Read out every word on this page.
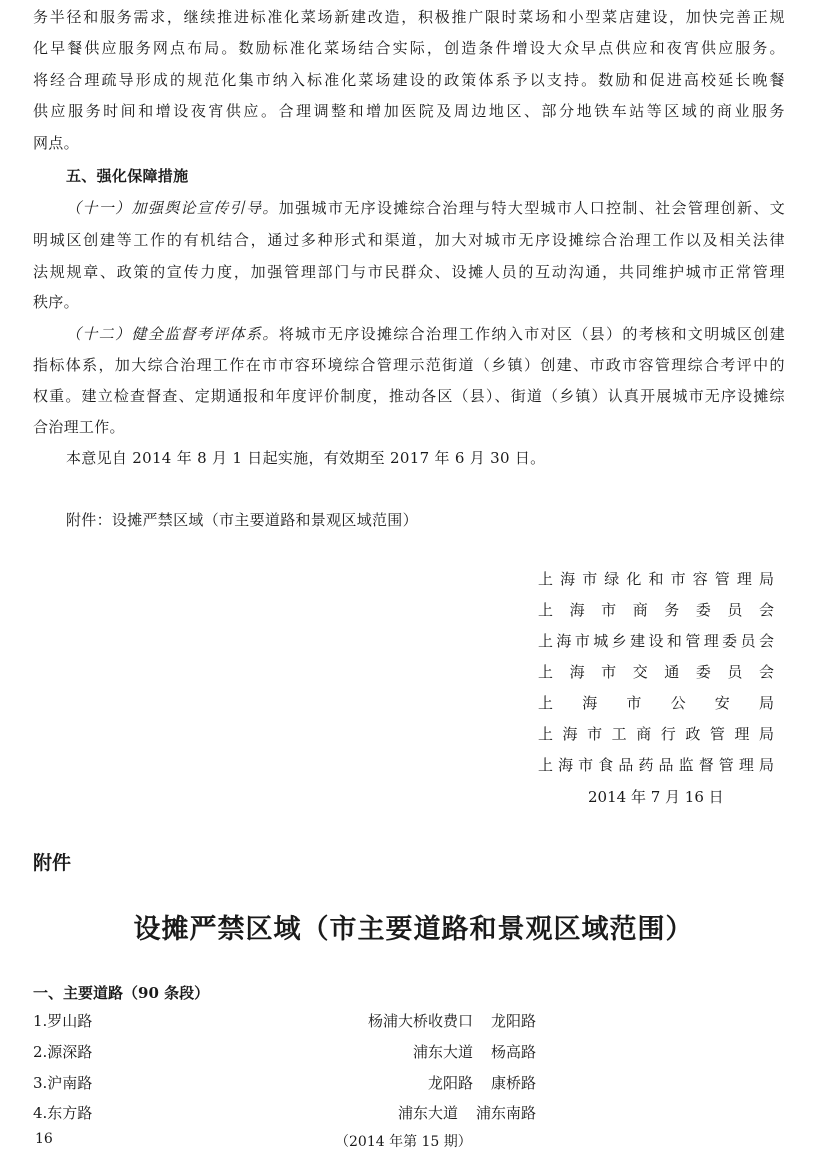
务半径和服务需求，继续推进标准化菜场新建改造，积极推广限时菜场和小型菜店建设，加快完善正规
化早餐供应服务网点布局。数励标准化菜场结合实际，创造条件增设大众早点供应和夜宵供应服务。
将经合理疏导形成的规范化集市纳入标准化菜场建设的政策体系予以支持。数励和促进高校延长晚餐
供应服务时间和增设夜宵供应。合理调整和增加医院及周边地区、部分地铁车站等区域的商业服务
网点。
五、强化保障措施
（十一）加强舆论宣传引导。加强城市无序设摊综合治理与特大型城市人口控制、社会管理创新、文
明城区创建等工作的有机结合，通过多种形式和渠道，加大对城市无序设摊综合治理工作以及相关法律
法规规章、政策的宣传力度，加强管理部门与市民群众、设摊人员的互动沟通，共同维护城市正常管理
秩序。
（十二）健全监督考评体系。将城市无序设摊综合治理工作纳入市对区（县）的考核和文明城区创建
指标体系，加大综合治理工作在市市容环境综合管理示范街道（乡镇）创建、市政市容管理综合考评中的
权重。建立检查督查、定期通报和年度评价制度，推动各区（县）、街道（乡镇）认真开展城市无序设摊综
合治理工作。
本意见自 2014 年 8 月 1 日起实施，有效期至 2017 年 6 月 30 日。
附件：设摊严禁区域（市主要道路和景观区域范围）
上海市绿化和市容管理局
上海市商务委员会
上海市城乡建设和管理委员会
上海市交通委员会
上海市公安局
上海市工商行政管理局
上海市食品药品监督管理局
2014 年 7 月 16 日
附件
设摊严禁区域（市主要道路和景观区域范围）
一、主要道路（90 条段）
1.罗山路	杨浦大桥收费口 龙阳路
2.源深路	浦东大道 杨高路
3.沪南路	龙阳路 康桥路
4.东方路	浦东大道 浦东南路
16	（2014 年第 15 期）
